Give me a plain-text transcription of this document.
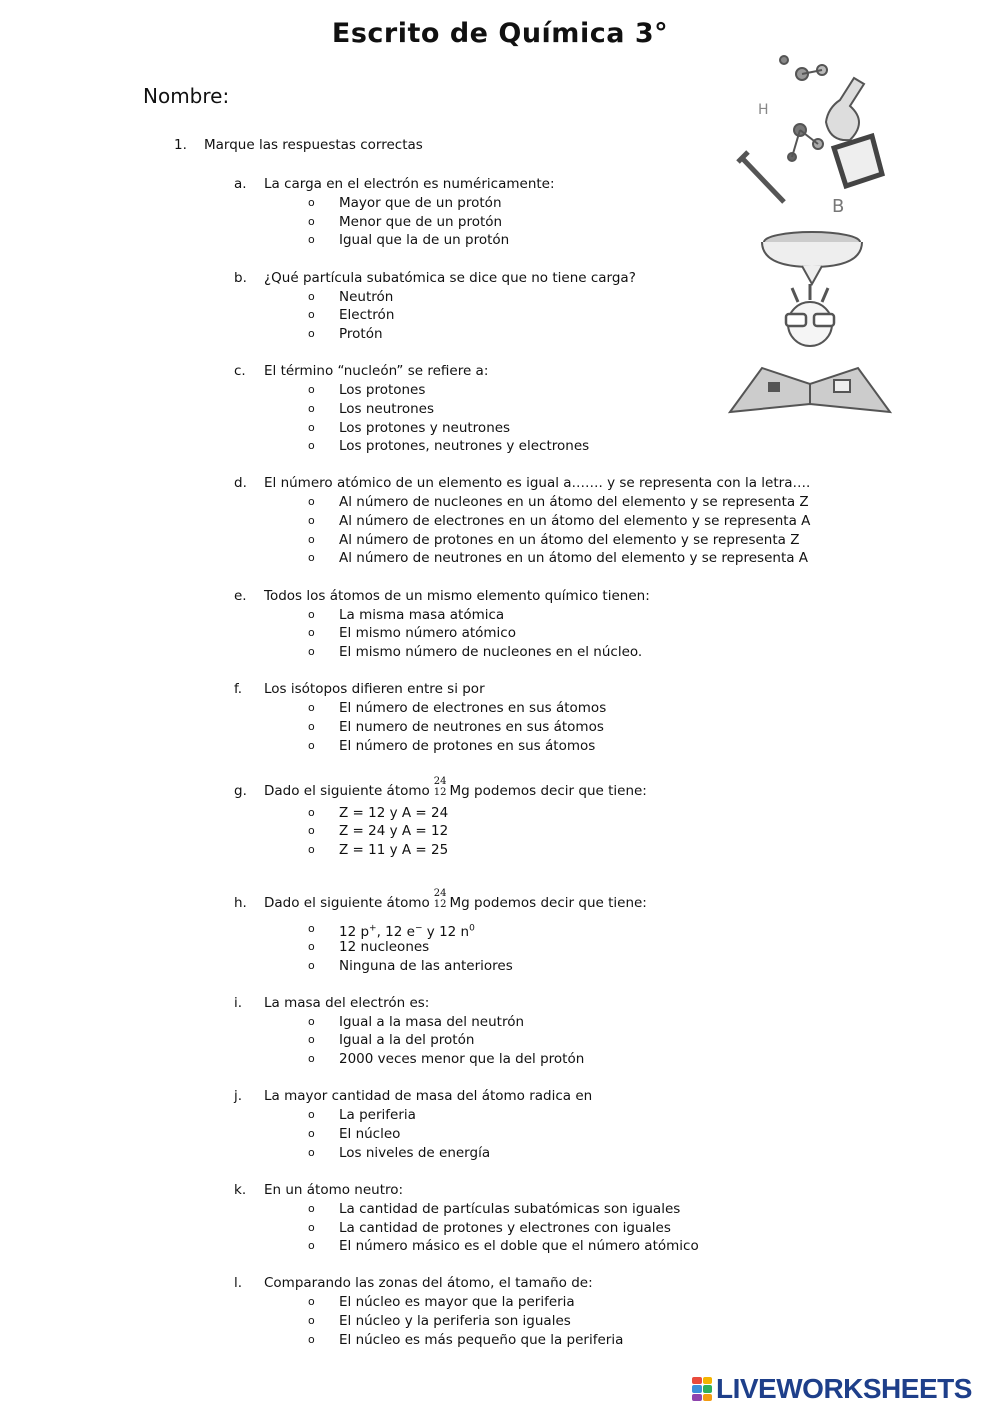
Escrito de Química 3°
Nombre:
1. Marque las respuestas correctas
a. La carga en el electrón es numéricamente:
o Mayor que de un protón
o Menor que de un protón
o Igual que la de un protón
b. ¿Qué partícula subatómica se dice que no tiene carga?
o Neutrón
o Electrón
o Protón
c. El término “nucleón” se refiere a:
o Los protones
o Los neutrones
o Los protones y neutrones
o Los protones, neutrones y electrones
d. El número atómico de un elemento es igual a……. y se representa con la letra….
o Al número de nucleones en un átomo del elemento y se representa Z
o Al número de electrones en un átomo del elemento y se representa A
o Al número de protones en un átomo del elemento y se representa Z
o Al número de neutrones en un átomo del elemento y se representa A
e. Todos los átomos de un mismo elemento químico tienen:
o La misma masa atómica
o El mismo número atómico
o El mismo número de nucleones en el núcleo.
f. Los isótopos difieren entre si por
o El número de electrones en sus átomos
o El numero de neutrones en sus átomos
o El número de protones en sus átomos
g. Dado el siguiente átomo
24
12 Mg podemos decir que tiene:
o Z = 12 y A = 24
o Z = 24 y A = 12
o Z = 11 y A = 25
h. Dado el siguiente átomo
24
12 Mg podemos decir que tiene:
o 12 p+, 12 e− y 12 $n^0$
o 12 nucleones
o Ninguna de las anteriores
i. La masa del electrón es:
o Igual a la masa del neutrón
o Igual a la del protón
o 2000 veces menor que la del protón
j. La mayor cantidad de masa del átomo radica en
o La periferia
o El núcleo
o Los niveles de energía
k. En un átomo neutro:
o La cantidad de partículas subatómicas son iguales
o La cantidad de protones y electrones con iguales
o El número másico es el doble que el número atómico
l. Comparando las zonas del átomo, el tamaño de:
o El núcleo es mayor que la periferia
o El núcleo y la periferia son iguales
o El núcleo es más pequeño que la periferia
H
B
LIVEWORKSHEETS
